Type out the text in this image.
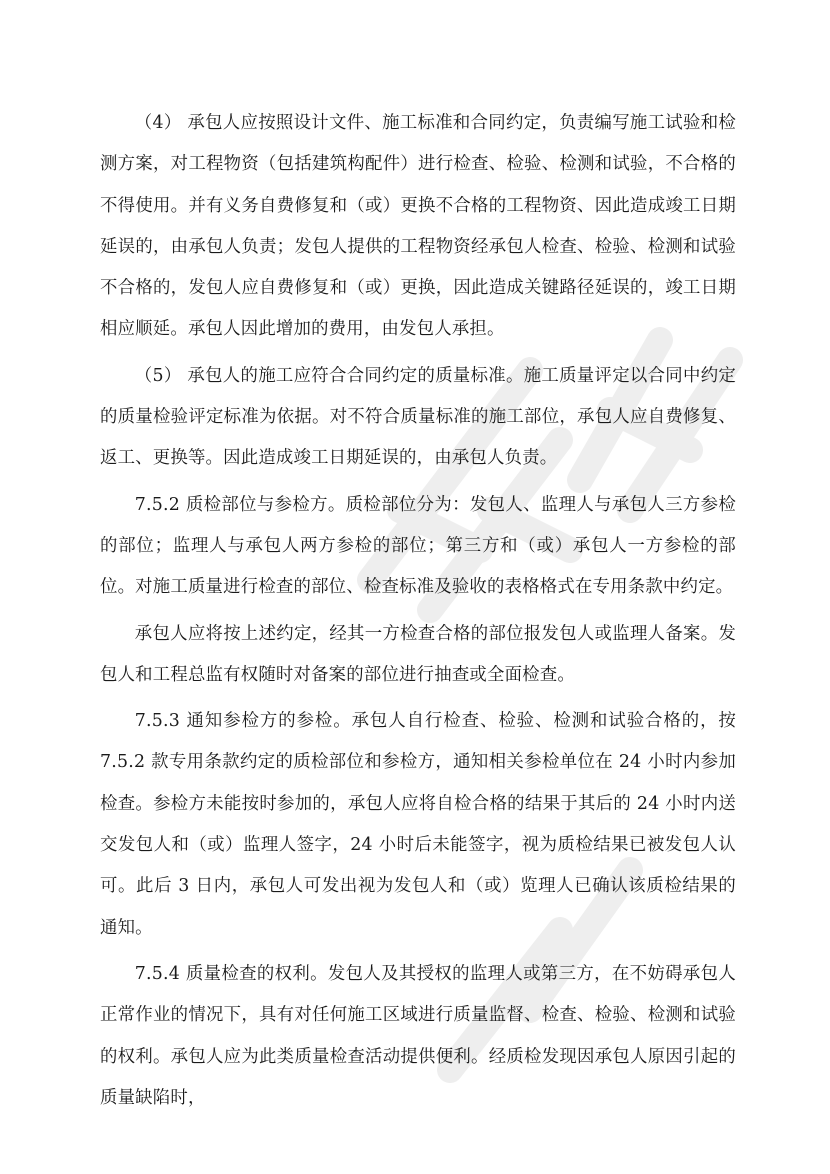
（4） 承包人应按照设计文件、施工标准和合同约定，负责编写施工试验和检测方案，对工程物资（包括建筑构配件）进行检查、检验、检测和试验，不合格的不得使用。并有义务自费修复和（或）更换不合格的工程物资、因此造成竣工日期延误的，由承包人负责；发包人提供的工程物资经承包人检查、检验、检测和试验不合格的，发包人应自费修复和（或）更换，因此造成关键路径延误的，竣工日期相应顺延。承包人因此增加的费用，由发包人承担。

（5） 承包人的施工应符合合同约定的质量标准。施工质量评定以合同中约定的质量检验评定标准为依据。对不符合质量标准的施工部位，承包人应自费修复、返工、更换等。因此造成竣工日期延误的，由承包人负责。

7.5.2 质检部位与参检方。质检部位分为：发包人、监理人与承包人三方参检的部位；监理人与承包人两方参检的部位；第三方和（或）承包人一方参检的部位。对施工质量进行检查的部位、检查标准及验收的表格格式在专用条款中约定。

承包人应将按上述约定，经其一方检查合格的部位报发包人或监理人备案。发包人和工程总监有权随时对备案的部位进行抽查或全面检查。

7.5.3 通知参检方的参检。承包人自行检查、检验、检测和试验合格的，按 7.5.2 款专用条款约定的质检部位和参检方，通知相关参检单位在 24 小时内参加检查。参检方未能按时参加的，承包人应将自检合格的结果于其后的 24 小时内送交发包人和（或）监理人签字，24 小时后未能签字，视为质检结果已被发包人认可。此后 3 日内，承包人可发出视为发包人和（或）览理人已确认该质检结果的通知。

7.5.4 质量检查的权利。发包人及其授权的监理人或第三方，在不妨碍承包人正常作业的情况下，具有对任何施工区域进行质量监督、检查、检验、检测和试验的权利。承包人应为此类质量检查活动提供便利。经质检发现因承包人原因引起的质量缺陷时，
